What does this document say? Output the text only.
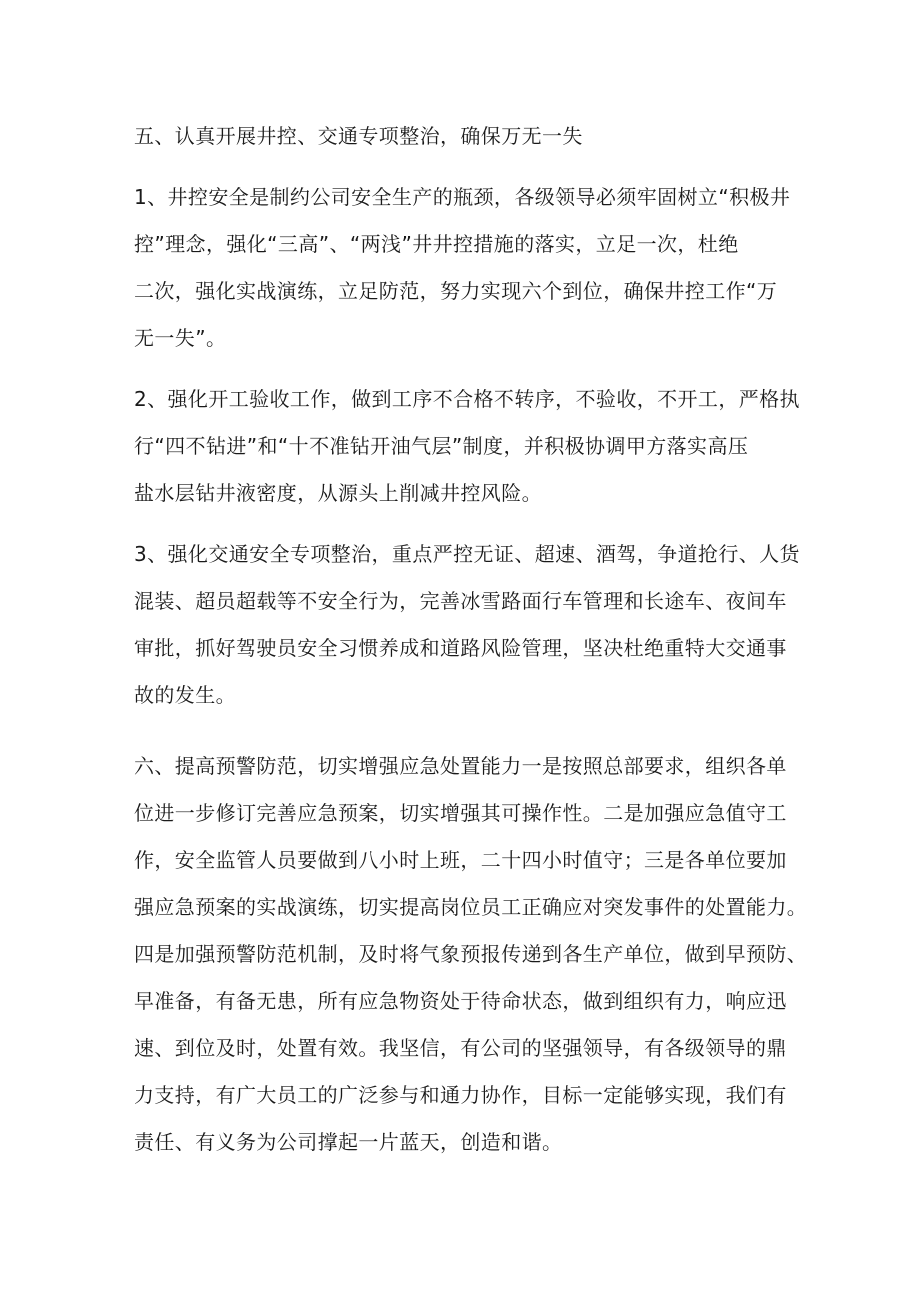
五、认真开展井控、交通专项整治，确保万无一失

1、井控安全是制约公司安全生产的瓶颈，各级领导必须牢固树立“积极井

控”理念，强化“三高”、“两浅”井井控措施的落实，立足一次，杜绝

二次，强化实战演练，立足防范，努力实现六个到位，确保井控工作“万

无一失”。

2、强化开工验收工作，做到工序不合格不转序，不验收，不开工，严格执

行“四不钻进”和“十不准钻开油气层”制度，并积极协调甲方落实高压

盐水层钻井液密度，从源头上削减井控风险。

3、强化交通安全专项整治，重点严控无证、超速、酒驾，争道抢行、人货

混装、超员超载等不安全行为，完善冰雪路面行车管理和长途车、夜间车

审批，抓好驾驶员安全习惯养成和道路风险管理，坚决杜绝重特大交通事

故的发生。

六、提高预警防范，切实增强应急处置能力一是按照总部要求，组织各单

位进一步修订完善应急预案，切实增强其可操作性。二是加强应急值守工

作，安全监管人员要做到八小时上班，二十四小时值守；三是各单位要加

强应急预案的实战演练，切实提高岗位员工正确应对突发事件的处置能力。

四是加强预警防范机制，及时将气象预报传递到各生产单位，做到早预防、

早准备，有备无患，所有应急物资处于待命状态，做到组织有力，响应迅

速、到位及时，处置有效。我坚信，有公司的坚强领导，有各级领导的鼎

力支持，有广大员工的广泛参与和通力协作，目标一定能够实现，我们有

责任、有义务为公司撑起一片蓝天，创造和谐。
